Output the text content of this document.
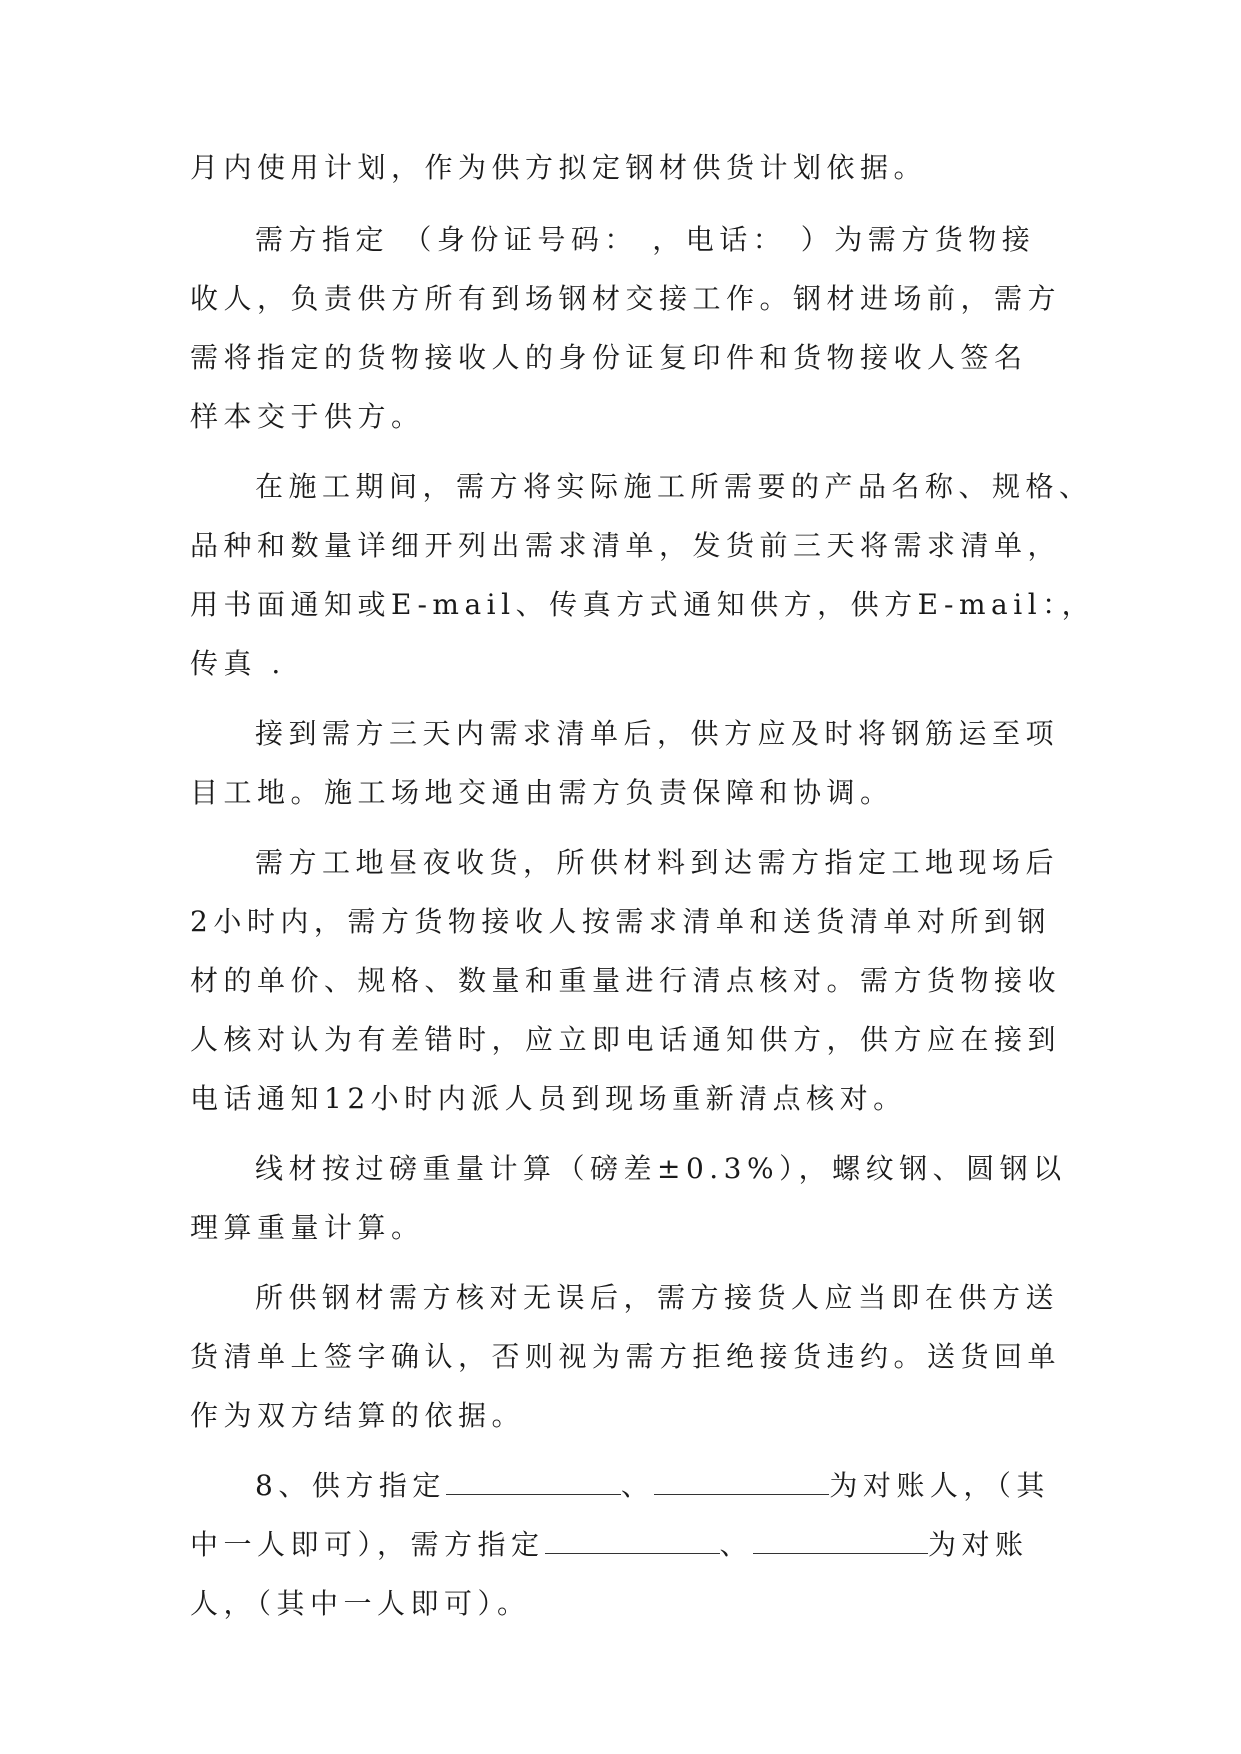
月内使用计划，作为供方拟定钢材供货计划依据。
需方指定 （身份证号码： ，电话： ）为需方货物接
收人，负责供方所有到场钢材交接工作。钢材进场前，需方
需将指定的货物接收人的身份证复印件和货物接收人签名
样本交于供方。
在施工期间，需方将实际施工所需要的产品名称、规格、
品种和数量详细开列出需求清单，发货前三天将需求清单，
用书面通知或E-mail、传真方式通知供方，供方E-mail：，
传真 .
接到需方三天内需求清单后，供方应及时将钢筋运至项
目工地。施工场地交通由需方负责保障和协调。
需方工地昼夜收货，所供材料到达需方指定工地现场后
2小时内，需方货物接收人按需求清单和送货清单对所到钢
材的单价、规格、数量和重量进行清点核对。需方货物接收
人核对认为有差错时，应立即电话通知供方，供方应在接到
电话通知12小时内派人员到现场重新清点核对。
线材按过磅重量计算（磅差±0.3%），螺纹钢、圆钢以
理算重量计算。
所供钢材需方核对无误后，需方接货人应当即在供方送
货清单上签字确认，否则视为需方拒绝接货违约。送货回单
作为双方结算的依据。
8、供方指定	、	为对账人，（其
中一人即可），需方指定	、	为对账
人，（其中一人即可）。
